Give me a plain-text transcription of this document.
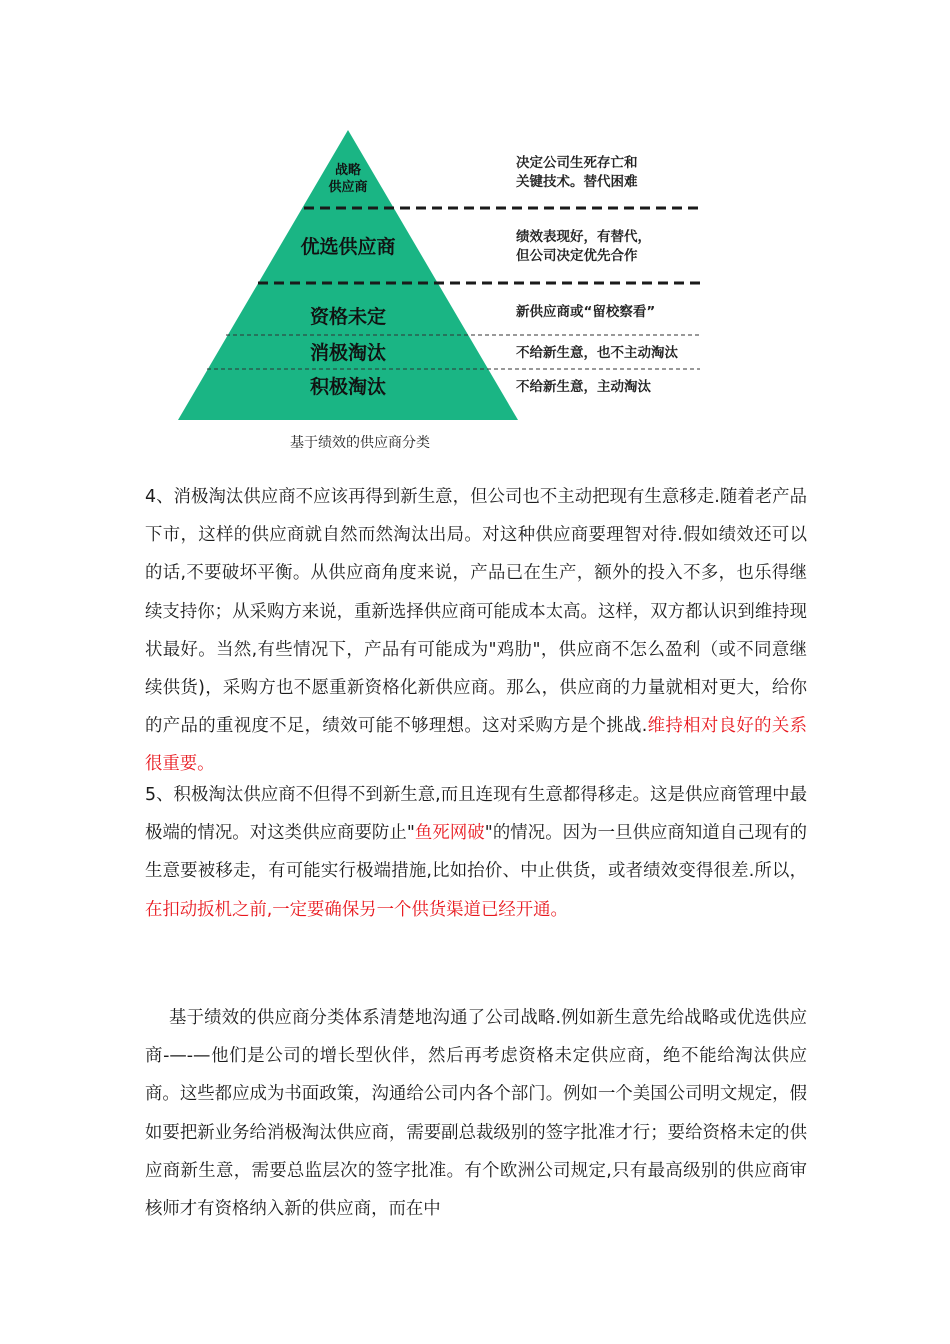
战略
供应商
优选供应商
资格未定
消极淘汰
积极淘汰
决定公司生死存亡和
关键技术。替代困难
绩效表现好，有替代，
但公司决定优先合作
新供应商或“留校察看”
不给新生意，也不主动淘汰
不给新生意，主动淘汰
基于绩效的供应商分类
4、消极淘汰供应商不应该再得到新生意，但公司也不主动把现有生意移走.随着老产品下市，这样的供应商就自然而然淘汰出局。对这种供应商要理智对待.假如绩效还可以的话,不要破坏平衡。从供应商角度来说，产品已在生产，额外的投入不多，也乐得继续支持你；从采购方来说，重新选择供应商可能成本太高。这样，双方都认识到维持现状最好。当然,有些情况下，产品有可能成为"鸡肋"，供应商不怎么盈利（或不同意继续供货)，采购方也不愿重新资格化新供应商。那么，供应商的力量就相对更大，给你的产品的重视度不足，绩效可能不够理想。这对采购方是个挑战.维持相对良好的关系很重要。
5、积极淘汰供应商不但得不到新生意,而且连现有生意都得移走。这是供应商管理中最极端的情况。对这类供应商要防止"鱼死网破"的情况。因为一旦供应商知道自己现有的生意要被移走，有可能实行极端措施,比如抬价、中止供货，或者绩效变得很差.所以，在扣动扳机之前,一定要确保另一个供货渠道已经开通。
基于绩效的供应商分类体系清楚地沟通了公司战略.例如新生意先给战略或优选供应商-—-—他们是公司的增长型伙伴，然后再考虑资格未定供应商，绝不能给淘汰供应商。这些都应成为书面政策，沟通给公司内各个部门。例如一个美国公司明文规定，假如要把新业务给消极淘汰供应商，需要副总裁级别的签字批准才行；要给资格未定的供应商新生意，需要总监层次的签字批准。有个欧洲公司规定,只有最高级别的供应商审核师才有资格纳入新的供应商，而在中
